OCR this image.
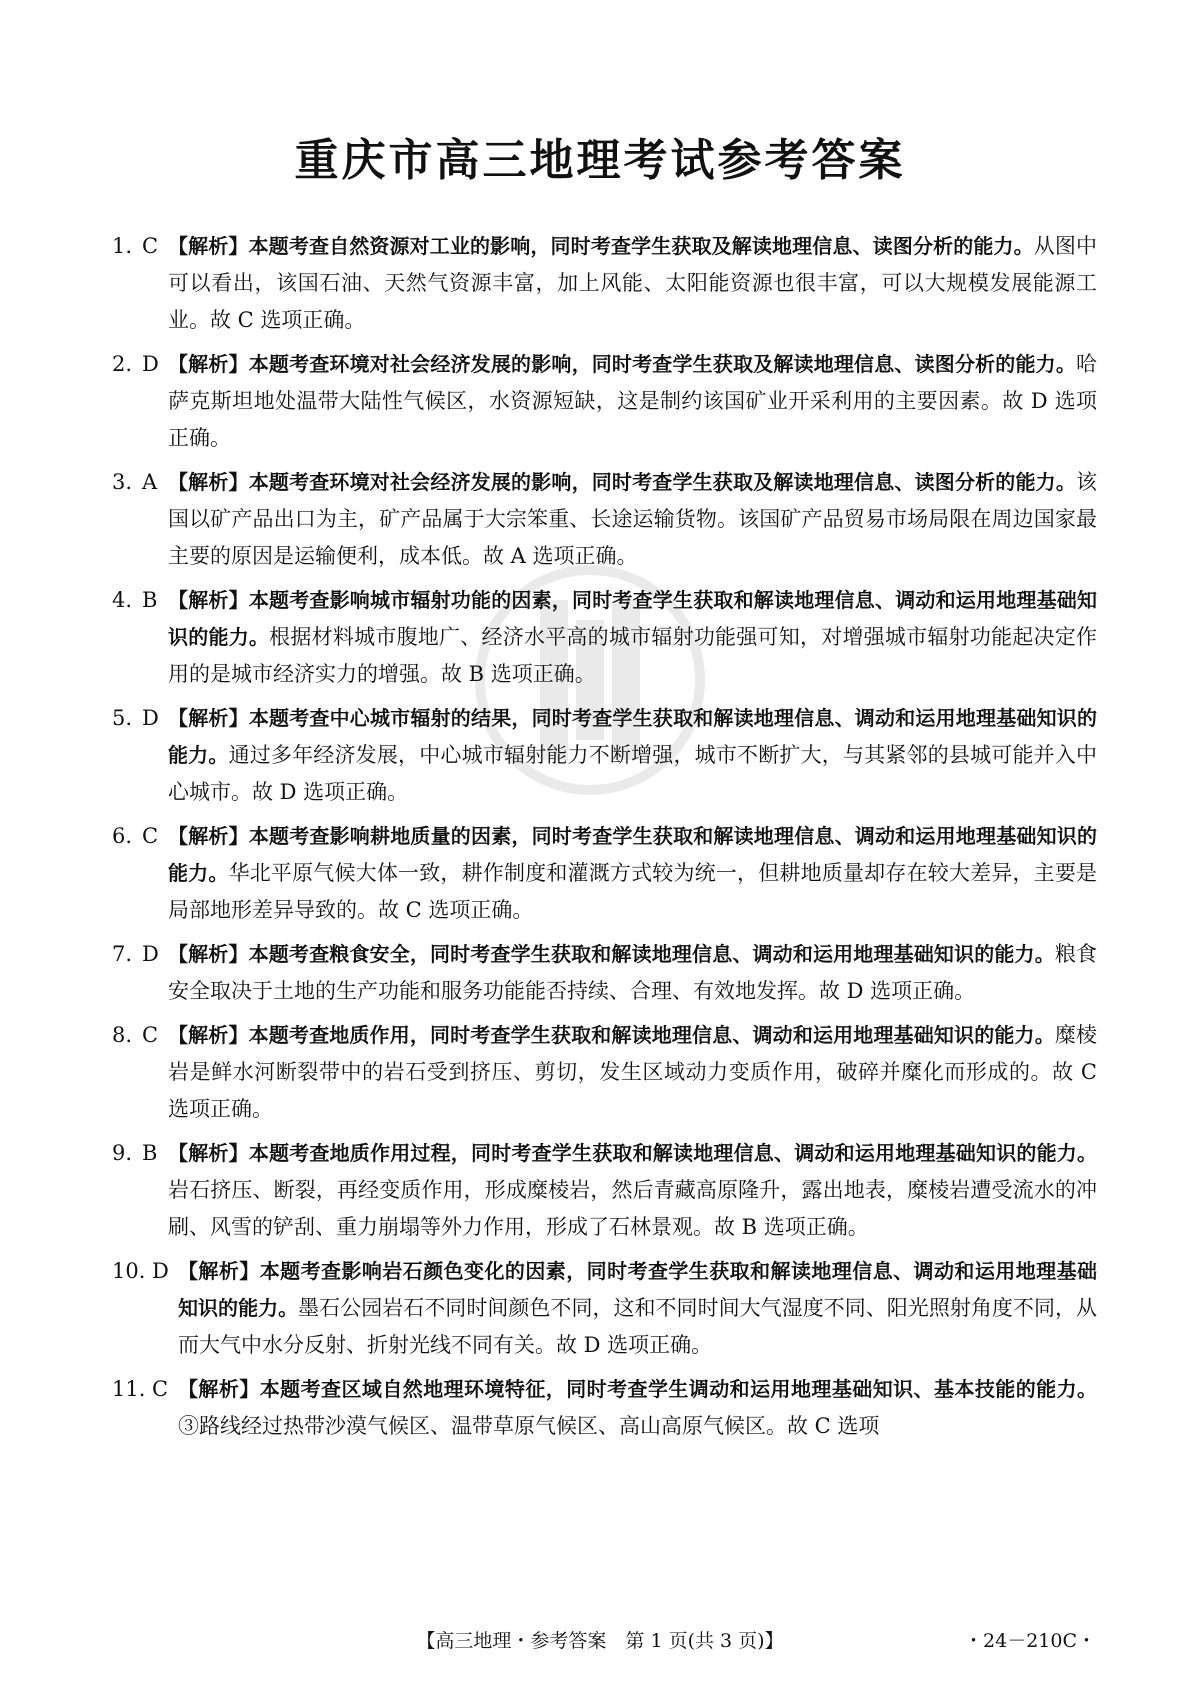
重庆市高三地理考试参考答案
1. C 【解析】本题考查自然资源对工业的影响，同时考查学生获取及解读地理信息、读图分析的能力。从图中可以看出，该国石油、天然气资源丰富，加上风能、太阳能资源也很丰富，可以大规模发展能源工业。故 C 选项正确。
2. D 【解析】本题考查环境对社会经济发展的影响，同时考查学生获取及解读地理信息、读图分析的能力。哈萨克斯坦地处温带大陆性气候区，水资源短缺，这是制约该国矿业开采利用的主要因素。故 D 选项正确。
3. A 【解析】本题考查环境对社会经济发展的影响，同时考查学生获取及解读地理信息、读图分析的能力。该国以矿产品出口为主，矿产品属于大宗笨重、长途运输货物。该国矿产品贸易市场局限在周边国家最主要的原因是运输便利，成本低。故 A 选项正确。
4. B 【解析】本题考查影响城市辐射功能的因素，同时考查学生获取和解读地理信息、调动和运用地理基础知识的能力。根据材料城市腹地广、经济水平高的城市辐射功能强可知，对增强城市辐射功能起决定作用的是城市经济实力的增强。故 B 选项正确。
5. D 【解析】本题考查中心城市辐射的结果，同时考查学生获取和解读地理信息、调动和运用地理基础知识的能力。通过多年经济发展，中心城市辐射能力不断增强，城市不断扩大，与其紧邻的县城可能并入中心城市。故 D 选项正确。
6. C 【解析】本题考查影响耕地质量的因素，同时考查学生获取和解读地理信息、调动和运用地理基础知识的能力。华北平原气候大体一致，耕作制度和灌溉方式较为统一，但耕地质量却存在较大差异，主要是局部地形差异导致的。故 C 选项正确。
7. D 【解析】本题考查粮食安全，同时考查学生获取和解读地理信息、调动和运用地理基础知识的能力。粮食安全取决于土地的生产功能和服务功能能否持续、合理、有效地发挥。故 D 选项正确。
8. C 【解析】本题考查地质作用，同时考查学生获取和解读地理信息、调动和运用地理基础知识的能力。糜棱岩是鲜水河断裂带中的岩石受到挤压、剪切，发生区域动力变质作用，破碎并糜化而形成的。故 C 选项正确。
9. B 【解析】本题考查地质作用过程，同时考查学生获取和解读地理信息、调动和运用地理基础知识的能力。岩石挤压、断裂，再经变质作用，形成糜棱岩，然后青藏高原隆升，露出地表，糜棱岩遭受流水的冲刷、风雪的铲刮、重力崩塌等外力作用，形成了石林景观。故 B 选项正确。
10. D 【解析】本题考查影响岩石颜色变化的因素，同时考查学生获取和解读地理信息、调动和运用地理基础知识的能力。墨石公园岩石不同时间颜色不同，这和不同时间大气湿度不同、阳光照射角度不同，从而大气中水分反射、折射光线不同有关。故 D 选项正确。
11. C 【解析】本题考查区域自然地理环境特征，同时考查学生调动和运用地理基础知识、基本技能的能力。③路线经过热带沙漠气候区、温带草原气候区、高山高原气候区。故 C 选项
【高三地理・参考答案　第 1 页(共 3 页)】	・24－210C・
